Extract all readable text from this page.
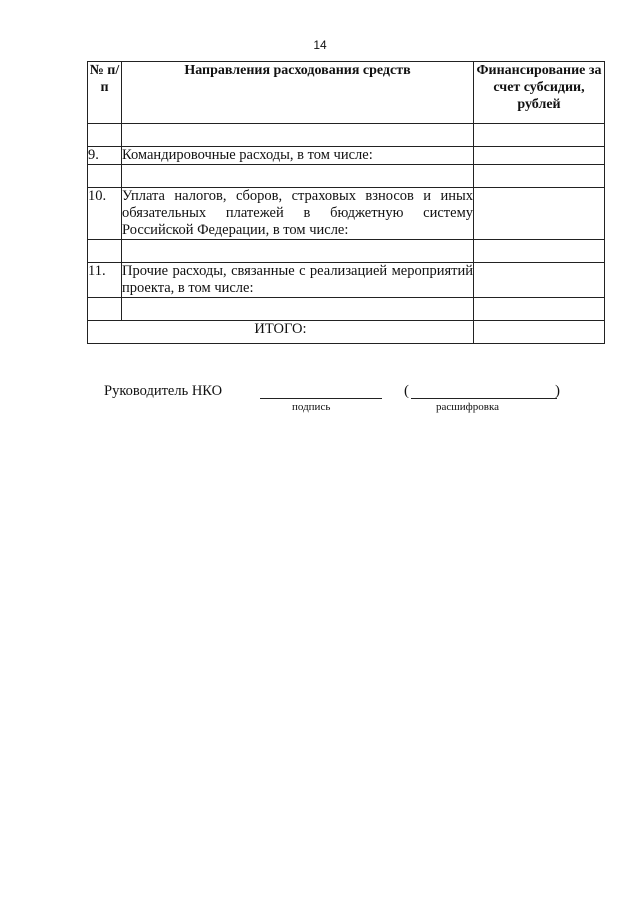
14
№ п/п	Направления расходования средств	Финансирование за счет субсидии, рублей

9.	Командировочные расходы, в том числе:	

10.	Уплата налогов, сборов, страховых взносов и иных обязательных платежей в бюджетную систему Российской Федерации, в том числе:	

11.	Прочие расходы, связанные с реализацией мероприятий проекта, в том числе:	

ИТОГО:		
Руководитель НКО	(	)
подпись	расшифровка
